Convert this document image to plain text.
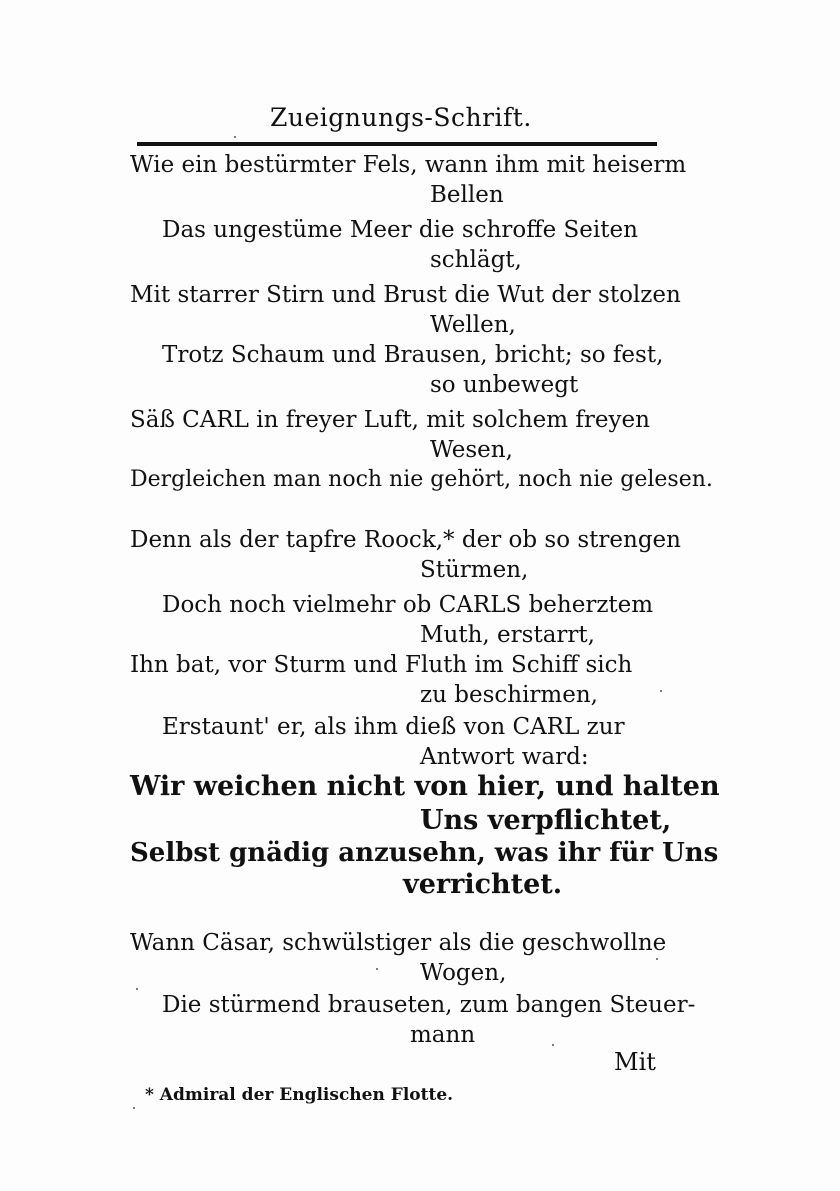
Zueignungs-Schrift.
Wie ein bestürmter Fels, wann ihm mit heiserm
Bellen
Das ungestüme Meer die schroffe Seiten
schlägt,
Mit starrer Stirn und Brust die Wut der stolzen
Wellen,
Trotz Schaum und Brausen, bricht; so fest,
so unbewegt
Säß CARL in freyer Luft, mit solchem freyen
Wesen,
Dergleichen man noch nie gehört, noch nie gelesen.
Denn als der tapfre Roock,* der ob so strengen
Stürmen,
Doch noch vielmehr ob CARLS beherztem
Muth, erstarrt,
Ihn bat, vor Sturm und Fluth im Schiff sich
zu beschirmen,
Erstaunt' er, als ihm dieß von CARL zur
Antwort ward:
Wir weichen nicht von hier, und halten
Uns verpflichtet,
Selbst gnädig anzusehn, was ihr für Uns
verrichtet.
Wann Cäsar, schwülstiger als die geschwollne
Wogen,
Die stürmend brauseten, zum bangen Steuer-
mann
Mit
* Admiral der Englischen Flotte.
